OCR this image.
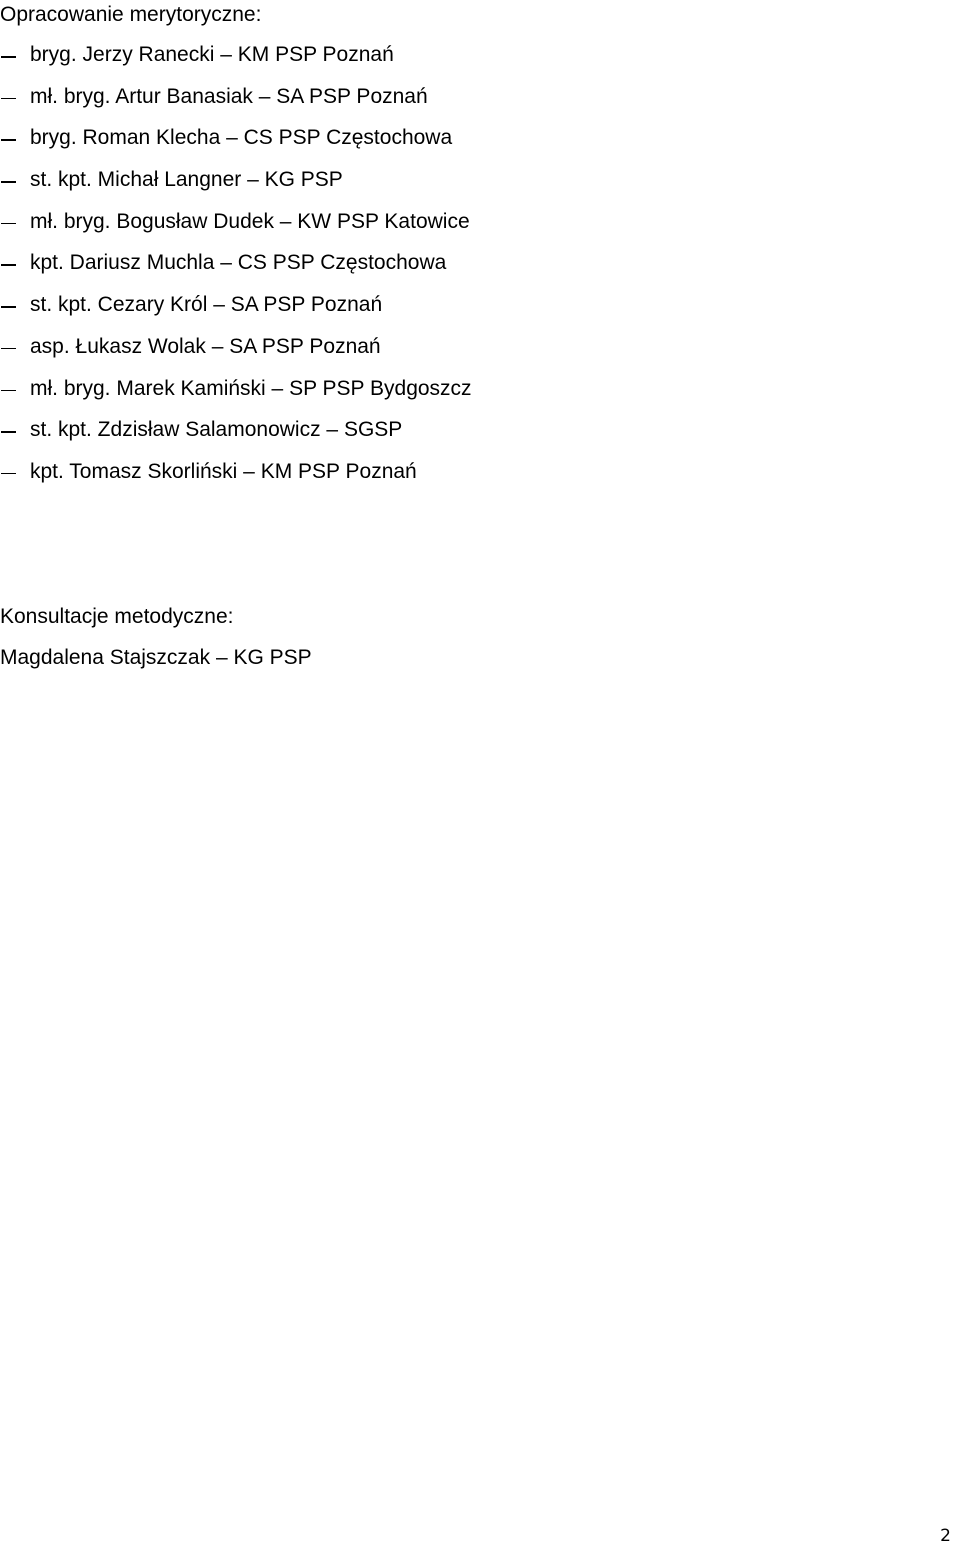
Opracowanie merytoryczne:
bryg. Jerzy Ranecki – KM PSP Poznań
mł. bryg. Artur Banasiak – SA PSP Poznań
bryg. Roman Klecha – CS PSP Częstochowa
st. kpt. Michał Langner – KG PSP
mł. bryg. Bogusław Dudek – KW PSP Katowice
kpt. Dariusz Muchla – CS PSP Częstochowa
st. kpt. Cezary Król – SA PSP Poznań
asp. Łukasz Wolak – SA PSP Poznań
mł. bryg. Marek Kamiński – SP PSP Bydgoszcz
st. kpt. Zdzisław Salamonowicz – SGSP
kpt. Tomasz Skorliński – KM PSP Poznań
Konsultacje metodyczne:

Magdalena Stajszczak – KG PSP

2
